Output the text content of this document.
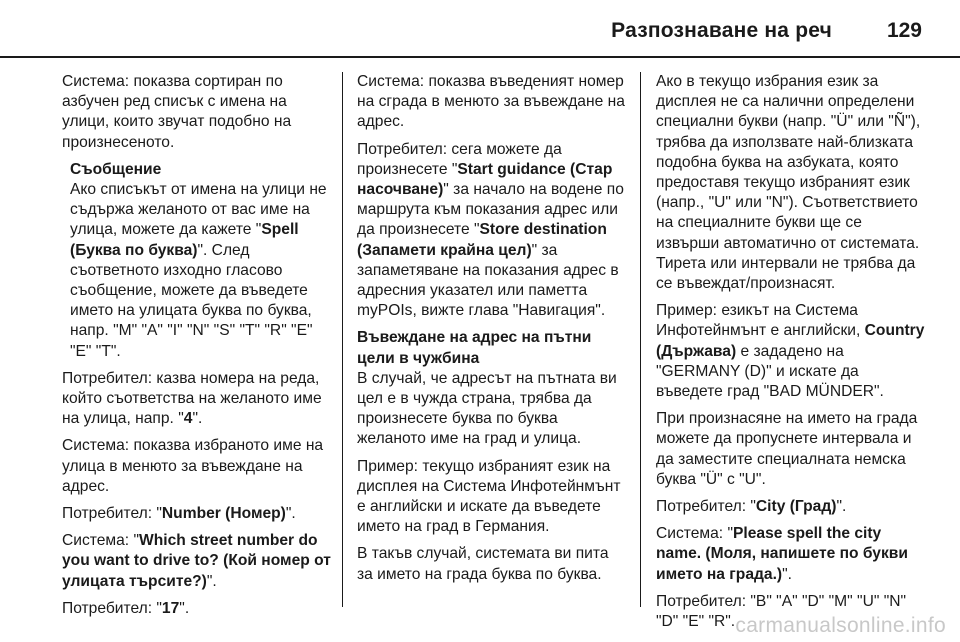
Разпознаване на реч	129

Система: показва сортиран по азбучен ред списък с имена на улици, които звучат подобно на произнесеното.

Съобщение

Ако списъкът от имена на улици не съдържа желаното от вас име на улица, можете да кажете "Spell (Буква по буква)". След съответното изходно гласово съобщение, можете да въведете името на улицата буква по буква, напр. "M" "A" "I" "N" "S" "T" "R" "E" "E" "T".

Потребител: казва номера на реда, който съответства на желаното име на улица, напр. "4".

Система: показва избраното име на улица в менюто за въвеждане на адрес.

Потребител: "Number (Номер)".

Система: "Which street number do you want to drive to? (Кой номер от улицата търсите?)".

Потребител: "17".

Система: показва въведеният номер на сграда в менюто за въвеждане на адрес.

Потребител: сега можете да произнесете "Start guidance (Стар насочване)" за начало на водене по маршрута към показания адрес или да произнесете "Store destination (Запамети крайна цел)" за запаметяване на показания адрес в адресния указател или паметта myPOIs, вижте глава "Навигация".

Въвеждане на адрес на пътни цели в чужбина

В случай, че адресът на пътната ви цел е в чужда страна, трябва да произнесете буква по буква желаното име на град и улица.

Пример: текущо избраният език на дисплея на Система Инфотейнмънт е английски и искате да въведете името на град в Германия.

В такъв случай, системата ви пита за името на града буква по буква.

Ако в текущо избрания език за дисплея не са налични определени специални букви (напр. "Ü" или "Ñ"), трябва да използвате най-близката подобна буква на азбуката, която предоставя текущо избраният език (напр., "U" или "N"). Съответствието на специалните букви ще се извърши автоматично от системата. Тирета или интервали не трябва да се въвеждат/произнасят.

Пример: езикът на Система Инфотейнмънт е английски, Country (Държава) е зададено на "GERMANY (D)" и искате да въведете град "BAD MÜNDER".

При произнасяне на името на града можете да пропуснете интервала и да заместите специалната немска буква "Ü" с "U".

Потребител: "City (Град)".

Система: "Please spell the city name. (Моля, напишете по букви името на града.)".

Потребител: "B" "A" "D" "M" "U" "N" "D" "E" "R". carmanualsonline.info
